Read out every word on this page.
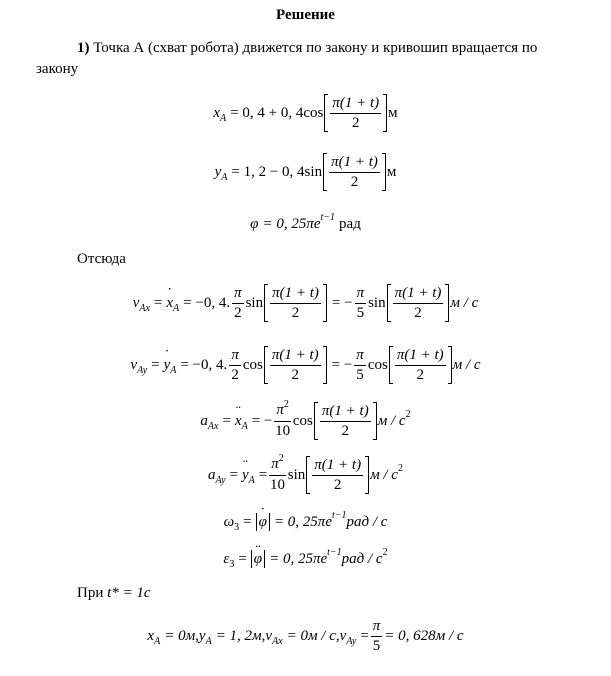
Решение
1) Точка А (схват робота) движется по закону и кривошип вращается по
закону
x A = 0, 4 + 0, $4\cos \frac{\pi(1 + t)}{2}$ м
y A = 1, 2 − 0, $4\sin \frac{\pi(1 + t)}{2}$ м
φ = 0, 25πe t−1 рад
Отсюда
v Ax = ˙ x A = −0, 4. $\frac{\pi}{2}$ $\sin \frac{\pi(1 + t)}{2}$ = − $\frac{\pi}{5}$ $\sin \frac{\pi(1 + t)}{2}$ м / с
v Ay = ˙ y A = −0, 4. $\frac{\pi}{2}$ $\cos \frac{\pi(1 + t)}{2}$ = − $\frac{\pi}{5}$ $\cos \frac{\pi(1 + t)}{2}$ м / с
a Ax = ¨ x A = − $\frac{\pi^2}{10}$ $\cos \frac{\pi(1 + t)}{2}$ м / с 2
a Ay = ¨ y $A = \frac{\pi^2}{10}$ $\sin \frac{\pi(1 + t)}{2}$ м / с 2
ω 3 = ˙ φ = 0, 25πe t−1 рад / с
ε 3 = ¨ φ = 0, 25πe t−1 рад / с 2
При t* = 1с
x A = 0м, y A = 1, 2м, v Ax = 0м / с, v $Ay = \frac{\pi}{5} = 0$, 628м / с
